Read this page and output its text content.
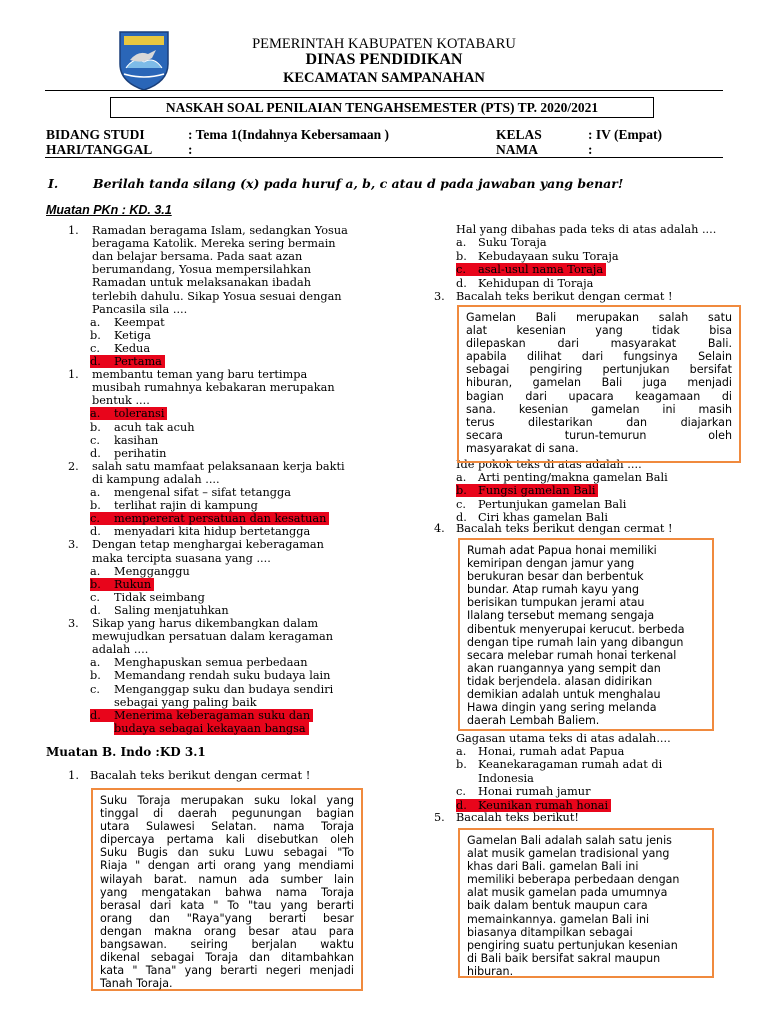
PEMERINTAH KABUPATEN KOTABARU
DINAS PENDIDIKAN
KECAMATAN SAMPANAHAN
NASKAH SOAL PENILAIAN TENGAHSEMESTER (PTS) TP. 2020/2021
BIDANG STUDI	: Tema 1(Indahnya Kebersamaan )	KELAS	: IV (Empat)
HARI/TANGGAL	:	NAMA	:
I.	Berilah tanda silang (x) pada huruf a, b, c atau d pada jawaban yang benar!
Muatan PKn : KD. 3.1
1. Ramadan beragama Islam, sedangkan Yosua
beragama Katolik. Mereka sering bermain
dan belajar bersama. Pada saat azan
berumandang, Yosua mempersilahkan
Ramadan untuk melaksanakan ibadah
terlebih dahulu. Sikap Yosua sesuai dengan
Pancasila sila ....
a. Keempat
b. Ketiga
c. Kedua
d.	Pertama
1. membantu teman yang baru tertimpa
musibah rumahnya kebakaran merupakan
bentuk ....
a.	toleransi
b. acuh tak acuh
c. kasihan
d. perihatin
2. salah satu mamfaat pelaksanaan kerja bakti
di kampung adalah ....
a. mengenal sifat – sifat tetangga
b. terlihat rajin di kampung
c.	mempererat persatuan dan kesatuan
d. menyadari kita hidup bertetangga
3. Dengan tetap menghargai keberagaman
maka tercipta suasana yang ....
a. Mengganggu
b.	Rukun
c. Tidak seimbang
d. Saling menjatuhkan
3. Sikap yang harus dikembangkan dalam
mewujudkan persatuan dalam keragaman
adalah ....
a. Menghapuskan semua perbedaan
b. Memandang rendah suku budaya lain
c. Menganggap suku dan budaya sendiri
sebagai yang paling baik
d.	Menerima keberagaman suku dan
budaya sebagai kekayaan bangsa
Muatan B. Indo :KD 3.1
1.   Bacalah teks berikut dengan cermat !
Suku Toraja merupakan suku lokal yang
tinggal di daerah pegunungan bagian
utara Sulawesi Selatan. nama Toraja
dipercaya pertama kali disebutkan oleh
Suku Bugis dan suku Luwu sebagai "To
Riaja " dengan arti orang yang mendiami
wilayah barat. namun ada sumber lain
yang mengatakan bahwa nama Toraja
berasal dari kata " To "tau yang berarti
orang dan "Raya"yang berarti besar
dengan makna orang besar atau para
bangsawan. seiring berjalan waktu
dikenal sebagai Toraja dan ditambahkan
kata " Tana" yang berarti negeri menjadi
Tanah Toraja.
Hal yang dibahas pada teks di atas adalah ....
a. Suku Toraja
b. Kebudayaan suku Toraja
c.	asal-usul nama Toraja
d. Kehidupan di Toraja
3. Bacalah teks berikut dengan cermat !
Ide pokok teks di atas adalah ....
a. Arti penting/makna gamelan Bali
b. Fungsi gamelan Bali
c. Pertunjukan gamelan Bali
d. Ciri khas gamelan Bali
4. Bacalah teks berikut dengan cermat !
Gagasan utama teks di atas adalah....
a. Honai, rumah adat Papua
b. Keanekaragaman rumah adat di
Indonesia
c. Honai rumah jamur
d. Keunikan rumah honai
5. Bacalah teks berikut!
Gamelan Bali merupakan salah satu
alat kesenian yang tidak bisa
dilepaskan dari masyarakat Bali.
apabila dilihat dari fungsinya Selain
sebagai pengiring pertunjukan bersifat
hiburan, gamelan Bali juga menjadi
bagian dari upacara keagamaan di
sana. kesenian gamelan ini masih
terus dilestarikan dan diajarkan
secara turun-temurun oleh
masyarakat di sana.
Rumah adat Papua honai memiliki
kemiripan dengan jamur yang
berukuran besar dan berbentuk
bundar. Atap rumah kayu yang
berisikan tumpukan jerami atau
Ilalang tersebut memang sengaja
dibentuk menyerupai kerucut. berbeda
dengan tipe rumah lain yang dibangun
secara melebar rumah honai terkenal
akan ruangannya yang sempit dan
tidak berjendela. alasan didirikan
demikian adalah untuk menghalau
Hawa dingin yang sering melanda
daerah Lembah Baliem.
Gamelan Bali adalah salah satu jenis
alat musik gamelan tradisional yang
khas dari Bali. gamelan Bali ini
memiliki beberapa perbedaan dengan
alat musik gamelan pada umumnya
baik dalam bentuk maupun cara
memainkannya. gamelan Bali ini
biasanya ditampilkan sebagai
pengiring suatu pertunjukan kesenian
di Bali baik bersifat sakral maupun
hiburan.
